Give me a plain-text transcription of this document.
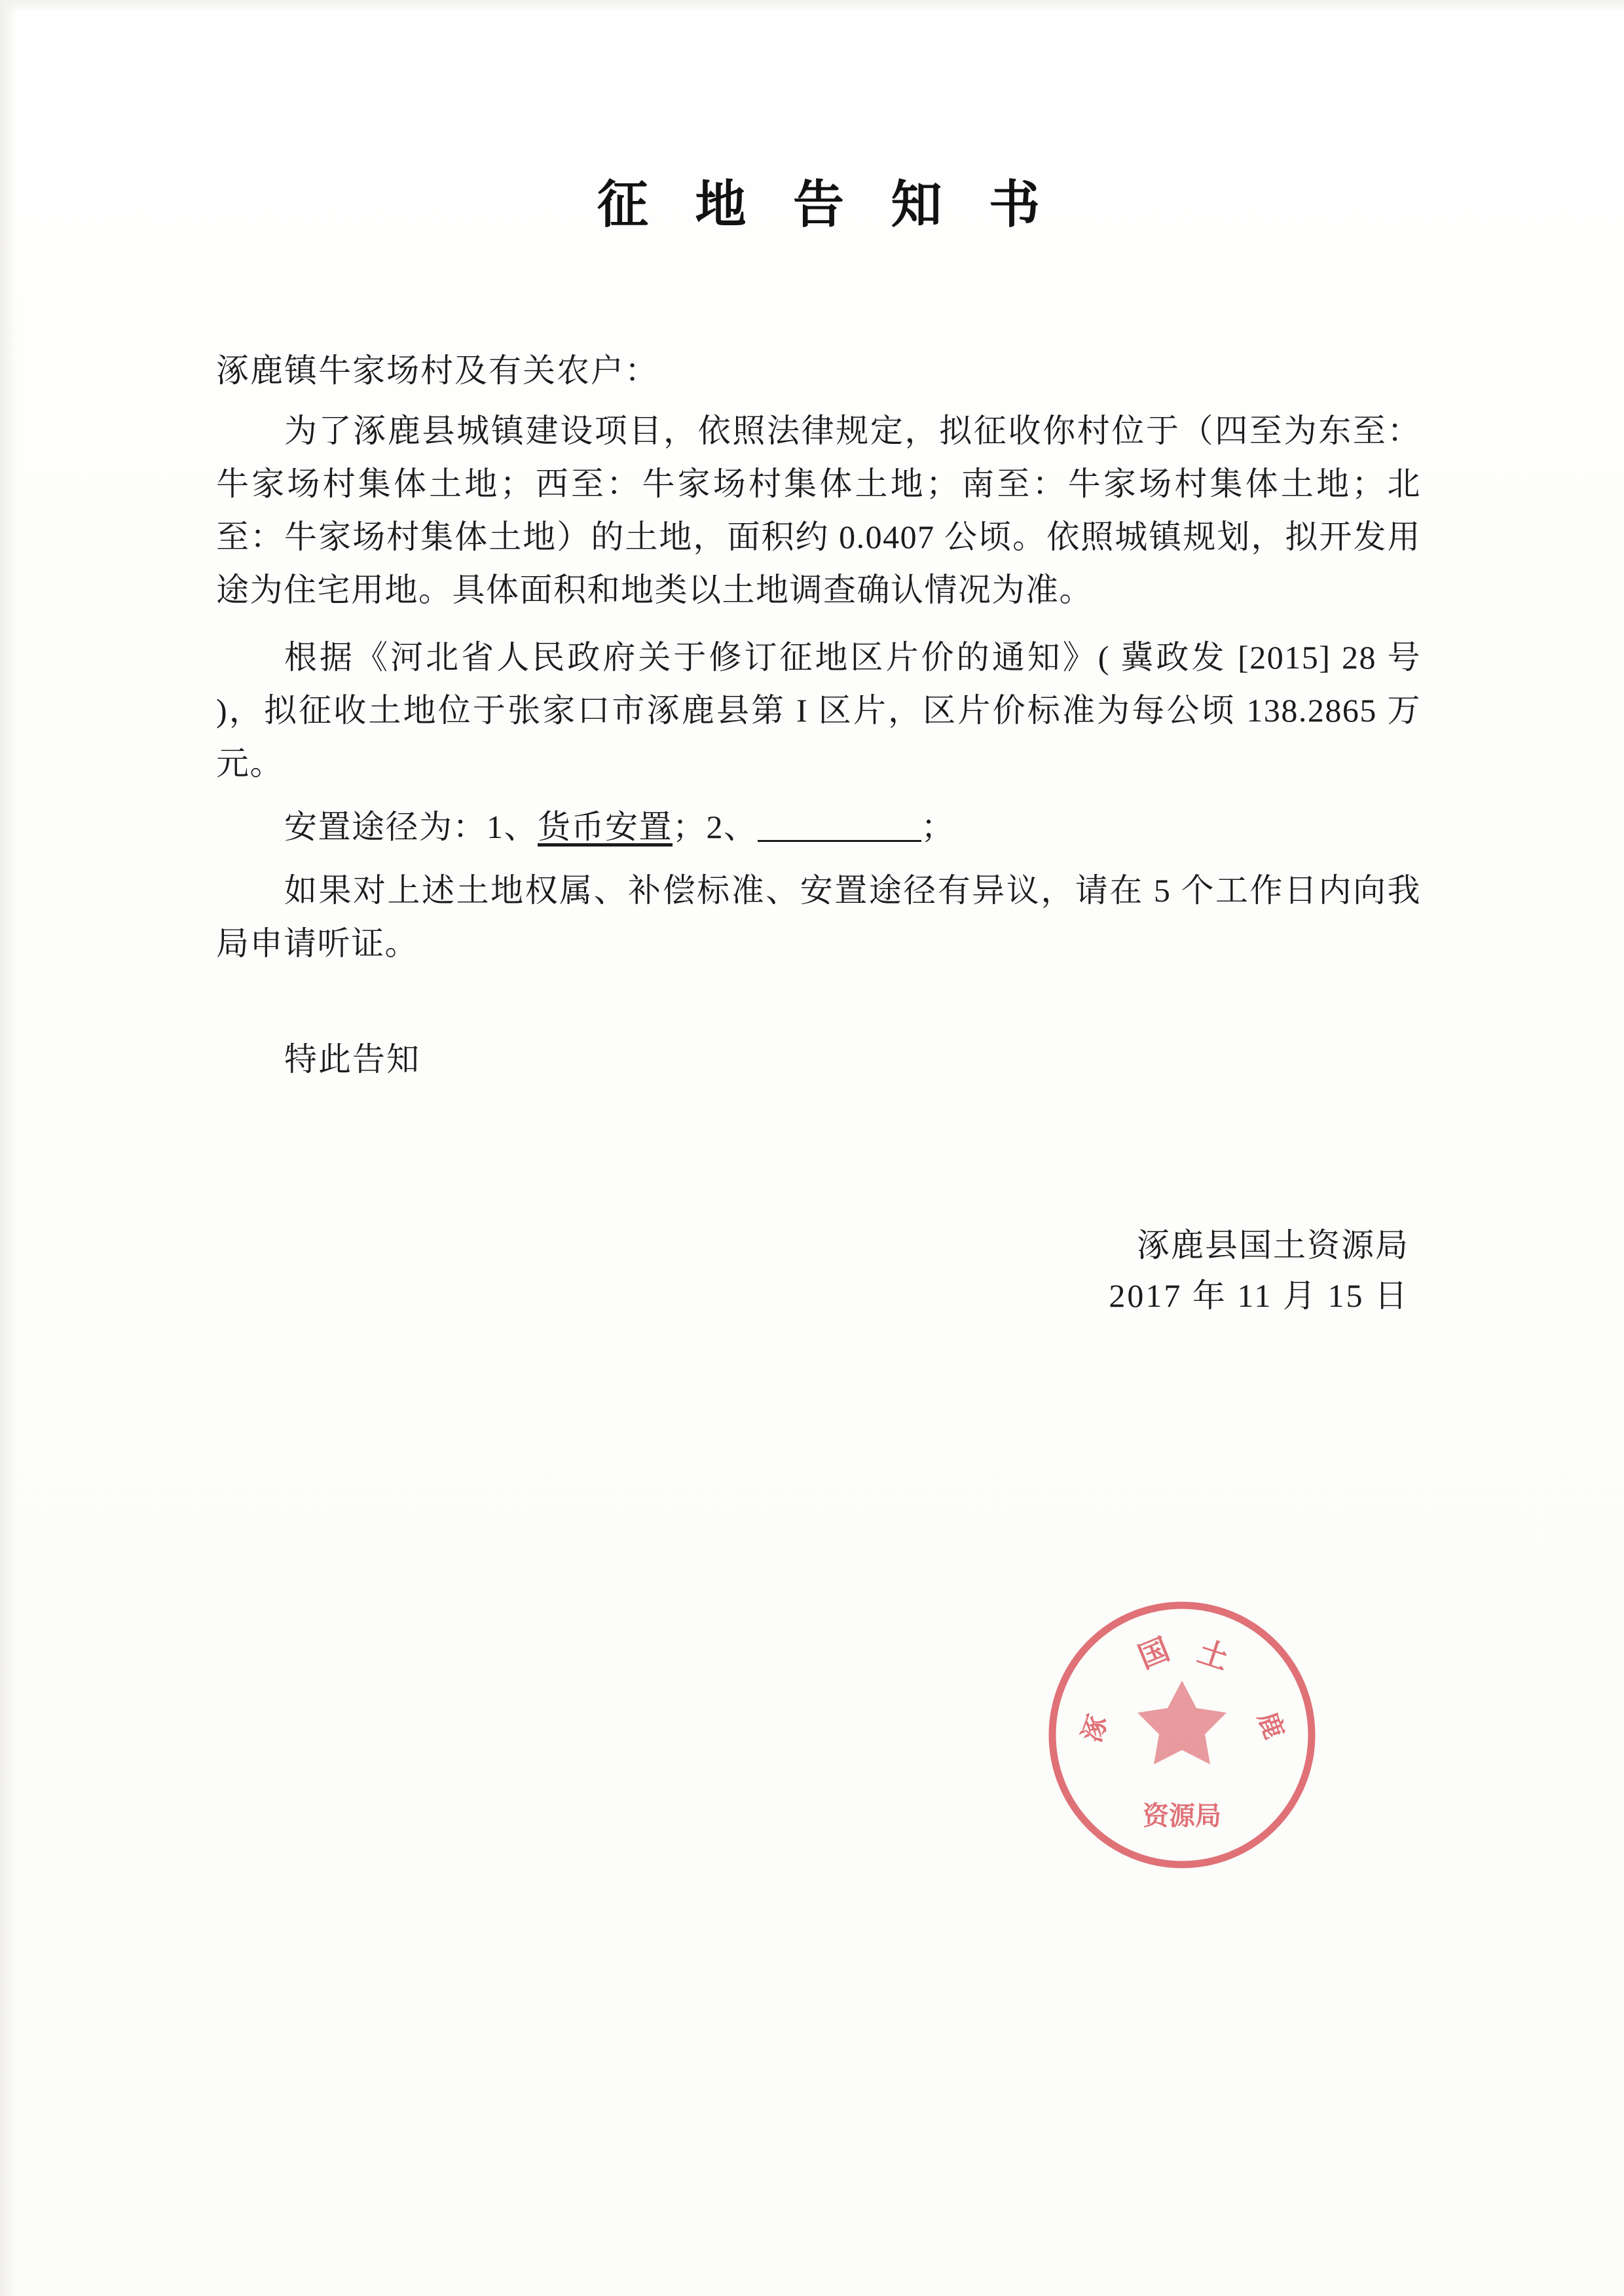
征 地 告 知 书
涿鹿镇牛家场村及有关农户：

为了涿鹿县城镇建设项目，依照法律规定，拟征收你村位于（四至为东至：牛家场村集体土地；西至：牛家场村集体土地；南至：牛家场村集体土地；北至：牛家场村集体土地）的土地，面积约 0.0407 公顷。依照城镇规划，拟开发用途为住宅用地。具体面积和地类以土地调查确认情况为准。

根据《河北省人民政府关于修订征地区片价的通知》( 冀政发 [2015] 28 号 )，拟征收土地位于张家口市涿鹿县第 I 区片，区片价标准为每公顷 138.2865 万元。

安置途径为：1、货币安置；2、	；

如果对上述土地权属、补偿标准、安置途径有异议，请在 5 个工作日内向我局申请听证。

特此告知
涿鹿县国土资源局
2017 年 11 月 15 日
国 土
涿	鹿
资源局
